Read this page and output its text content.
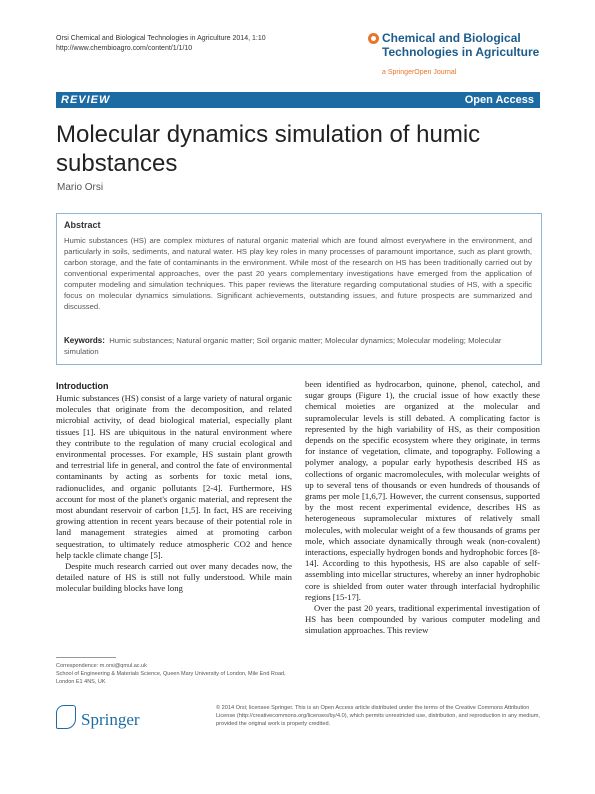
Orsi Chemical and Biological Technologies in Agriculture 2014, 1:10
http://www.chembioagro.com/content/1/1/10
Chemical and Biological Technologies in Agriculture
a SpringerOpen Journal
REVIEW	Open Access
Molecular dynamics simulation of humic substances
Mario Orsi
Abstract
Humic substances (HS) are complex mixtures of natural organic material which are found almost everywhere in the environment, and particularly in soils, sediments, and natural water. HS play key roles in many processes of paramount importance, such as plant growth, carbon storage, and the fate of contaminants in the environment. While most of the research on HS has been traditionally carried out by conventional experimental approaches, over the past 20 years complementary investigations have emerged from the application of computer modeling and simulation techniques. This paper reviews the literature regarding computational studies of HS, with a specific focus on molecular dynamics simulations. Significant achievements, outstanding issues, and future prospects are summarized and discussed.
Keywords: Humic substances; Natural organic matter; Soil organic matter; Molecular dynamics; Molecular modeling; Molecular simulation
Introduction

Humic substances (HS) consist of a large variety of natural organic molecules that originate from the decomposition, and related microbial activity, of dead biological material, especially plant tissues [1]. HS are ubiquitous in the natural environment where they contribute to the regulation of many crucial ecological and environmental processes. For example, HS sustain plant growth and terrestrial life in general, and control the fate of environmental contaminants by acting as sorbents for toxic metal ions, radionuclides, and organic pollutants [2-4]. Furthermore, HS account for most of the planet's organic material, and represent the most abundant reservoir of carbon [1,5]. In fact, HS are receiving growing attention in recent years because of their potential role in land management strategies aimed at promoting carbon sequestration, to ultimately reduce atmospheric CO2 and hence help tackle climate change [5].

Despite much research carried out over many decades now, the detailed nature of HS is still not fully understood. While main molecular building blocks have long

been identified as hydrocarbon, quinone, phenol, catechol, and sugar groups (Figure 1), the crucial issue of how exactly these chemical moieties are organized at the molecular and supramolecular levels is still debated. A complicating factor is represented by the high variability of HS, as their composition depends on the specific ecosystem where they originate, in terms for instance of vegetation, climate, and topography. Following a polymer analogy, a popular early hypothesis described HS as collections of organic macromolecules, with molecular weights of up to several tens of thousands or even hundreds of thousands of grams per mole [1,6,7]. However, the current consensus, supported by the most recent experimental evidence, describes HS as heterogeneous supramolecular mixtures of relatively small molecules, with molecular weight of a few thousands of grams per mole, which associate dynamically through weak (non-covalent) interactions, especially hydrogen bonds and hydrophobic forces [8-14]. According to this hypothesis, HS are also capable of self-assembling into micellar structures, whereby an inner hydrophobic core is shielded from outer water through interfacial hydrophilic regions [15-17].

Over the past 20 years, traditional experimental investigation of HS has been compounded by various computer modeling and simulation approaches. This review

Correspondence: m.orsi@qmul.ac.uk
School of Engineering & Materials Science, Queen Mary University of London, Mile End Road, London E1 4NS, UK
Springer
© 2014 Orsi; licensee Springer. This is an Open Access article distributed under the terms of the Creative Commons Attribution License (http://creativecommons.org/licenses/by/4.0), which permits unrestricted use, distribution, and reproduction in any medium, provided the original work is properly credited.
